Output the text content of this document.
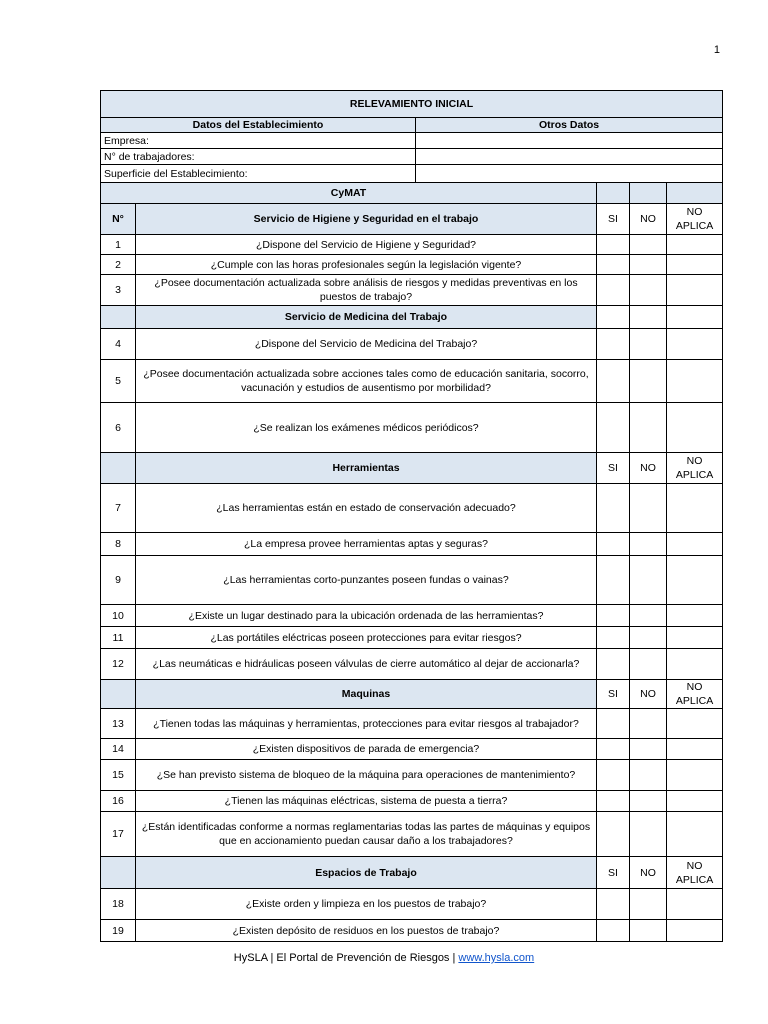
1
RELEVAMIENTO INICIAL					
Datos del Establecimiento		Otros Datos			
Empresa:					
N° de trabajadores:					
Superficie del Establecimiento:					
CyMAT					
N°	Servicio de Higiene y Seguridad en el trabajo		SI	NO	NO APLICA
1	¿Dispone del Servicio de Higiene y Seguridad?				
2	¿Cumple con las horas profesionales según la legislación vigente?				
3	¿Posee documentación actualizada sobre análisis de riesgos y medidas preventivas en los puestos de trabajo?				
	Servicio de Medicina del Trabajo				
4	¿Dispone del Servicio de Medicina del Trabajo?				
5	¿Posee documentación actualizada sobre acciones tales como de educación sanitaria, socorro, vacunación y estudios de ausentismo por morbilidad?				
6	¿Se realizan los exámenes médicos periódicos?				
	Herramientas		SI	NO	NO APLICA
7	¿Las herramientas están en estado de conservación adecuado?				
8	¿La empresa provee herramientas aptas y seguras?				
9	¿Las herramientas corto-punzantes poseen fundas o vainas?				
10	¿Existe un lugar destinado para la ubicación ordenada de las herramientas?				
11	¿Las portátiles eléctricas poseen protecciones para evitar riesgos?				
12	¿Las neumáticas e hidráulicas poseen válvulas de cierre automático al dejar de accionarla?				
	Maquinas		SI	NO	NO APLICA
13	¿Tienen todas las máquinas y herramientas, protecciones para evitar riesgos al trabajador?				
14	¿Existen dispositivos de parada de emergencia?				
15	¿Se han previsto sistema de bloqueo de la máquina para operaciones de mantenimiento?				
16	¿Tienen las máquinas eléctricas, sistema de puesta a tierra?				
17	¿Están identificadas conforme a normas reglamentarias todas las partes de máquinas y equipos que en accionamiento puedan causar daño a los trabajadores?				
	Espacios de Trabajo		SI	NO	NO APLICA
18	¿Existe orden y limpieza en los puestos de trabajo?				
19	¿Existen depósito de residuos en los puestos de trabajo?				
HySLA | El Portal de Prevención de Riesgos | www.hysla.com
